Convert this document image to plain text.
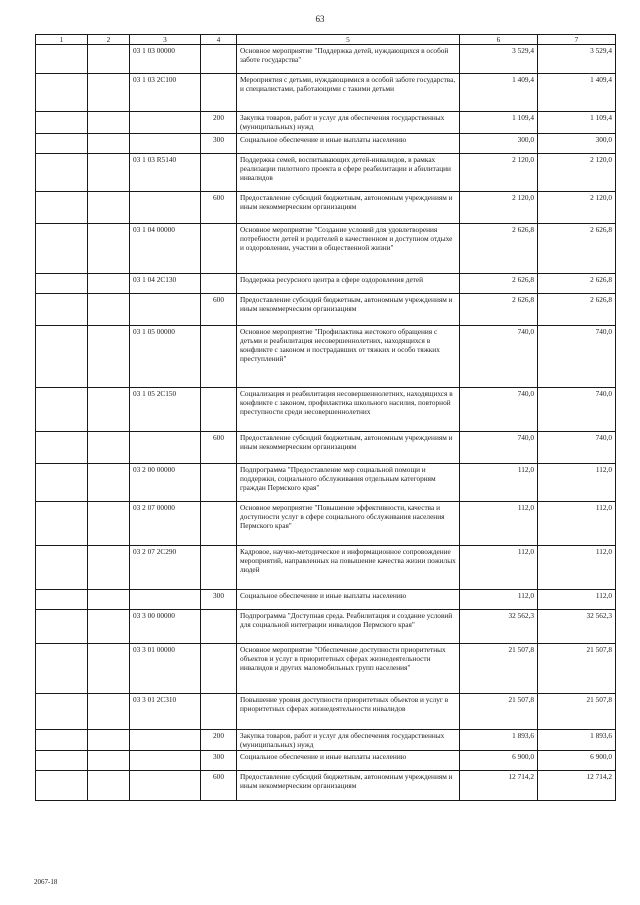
63
1	2	3	4	5	6	7
		03 1 03 00000		Основное мероприятие "Поддержка детей, нуждающихся в особой заботе государства"	3 529,4	3 529,4
		03 1 03 2С100		Мероприятия с детьми, нуждающимися в особой заботе государства, и специалистами, работающими с такими детьми	1 409,4	1 409,4
			200	Закупка товаров, работ и услуг для обеспечения государственных (муниципальных) нужд	1 109,4	1 109,4
			300	Социальное обеспечение и иные выплаты населению	300,0	300,0
		03 1 03 R5140		Поддержка семей, воспитывающих детей-инвалидов, в рамках реализации пилотного проекта в сфере реабилитации и абилитации инвалидов	2 120,0	2 120,0
			600	Предоставление субсидий бюджетным, автономным учреждениям и иным некоммерческим организациям	2 120,0	2 120,0
		03 1 04 00000		Основное мероприятие "Создание условий для удовлетворения потребности детей и родителей в качественном и доступном отдыхе и оздоровлении, участии в общественной жизни"	2 626,8	2 626,8
		03 1 04 2С130		Поддержка ресурсного центра в сфере оздоровления детей	2 626,8	2 626,8
			600	Предоставление субсидий бюджетным, автономным учреждениям и иным некоммерческим организациям	2 626,8	2 626,8
		03 1 05 00000		Основное мероприятие "Профилактика жестокого обращения с детьми и реабилитация несовершеннолетних, находящихся в конфликте с законом и пострадавших от тяжких и особо тяжких преступлений"	740,0	740,0
		03 1 05 2С150		Социализация и реабилитация несовершеннолетних, находящихся в конфликте с законом, профилактика школьного насилия, повторной преступности среди несовершеннолетних	740,0	740,0
			600	Предоставление субсидий бюджетным, автономным учреждениям и иным некоммерческим организациям	740,0	740,0
		03 2 00 00000		Подпрограмма "Предоставление мер социальной помощи и поддержки, социального обслуживания отдельным категориям граждан Пермского края"	112,0	112,0
		03 2 07 00000		Основное мероприятие "Повышение эффективности, качества и доступности услуг в сфере социального обслуживания населения Пермского края"	112,0	112,0
		03 2 07 2С290		Кадровое, научно-методическое и информационное сопровождение мероприятий, направленных на повышение качества жизни пожилых людей	112,0	112,0
			300	Социальное обеспечение и иные выплаты населению	112,0	112,0
		03 3 00 00000		Подпрограмма "Доступная среда. Реабилитация и создание условий для социальной интеграции инвалидов Пермского края"	32 562,3	32 562,3
		03 3 01 00000		Основное мероприятие "Обеспечение доступности приоритетных объектов и услуг в приоритетных сферах жизнедеятельности инвалидов и других маломобильных групп населения"	21 507,8	21 507,8
		03 3 01 2С310		Повышение уровня доступности приоритетных объектов и услуг в приоритетных сферах жизнедеятельности инвалидов	21 507,8	21 507,8
			200	Закупка товаров, работ и услуг для обеспечения государственных (муниципальных) нужд	1 893,6	1 893,6
			300	Социальное обеспечение и иные выплаты населению	6 900,0	6 900,0
			600	Предоставление субсидий бюджетным, автономным учреждениям и иным некоммерческим организациям	12 714,2	12 714,2
2067-18
